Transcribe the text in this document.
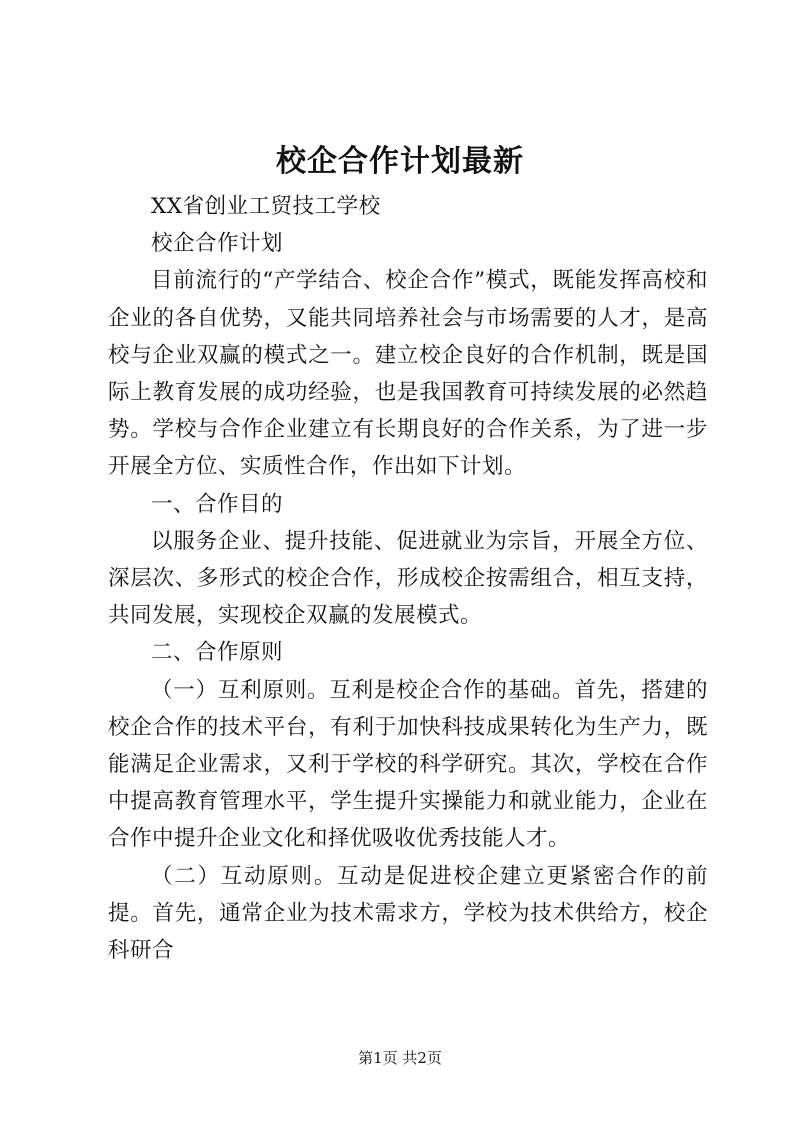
校企合作计划最新

XX省创业工贸技工学校

校企合作计划

目前流行的“产学结合、校企合作”模式，既能发挥高校和企业的各自优势，又能共同培养社会与市场需要的人才，是高校与企业双赢的模式之一。建立校企良好的合作机制，既是国际上教育发展的成功经验，也是我国教育可持续发展的必然趋势。学校与合作企业建立有长期良好的合作关系，为了进一步开展全方位、实质性合作，作出如下计划。

一、合作目的

以服务企业、提升技能、促进就业为宗旨，开展全方位、深层次、多形式的校企合作，形成校企按需组合，相互支持，共同发展，实现校企双赢的发展模式。

二、合作原则

（一）互利原则。互利是校企合作的基础。首先，搭建的校企合作的技术平台，有利于加快科技成果转化为生产力，既能满足企业需求，又利于学校的科学研究。其次，学校在合作中提高教育管理水平，学生提升实操能力和就业能力，企业在合作中提升企业文化和择优吸收优秀技能人才。

（二）互动原则。互动是促进校企建立更紧密合作的前提。首先，通常企业为技术需求方，学校为技术供给方，校企科研合

第1页 共2页
